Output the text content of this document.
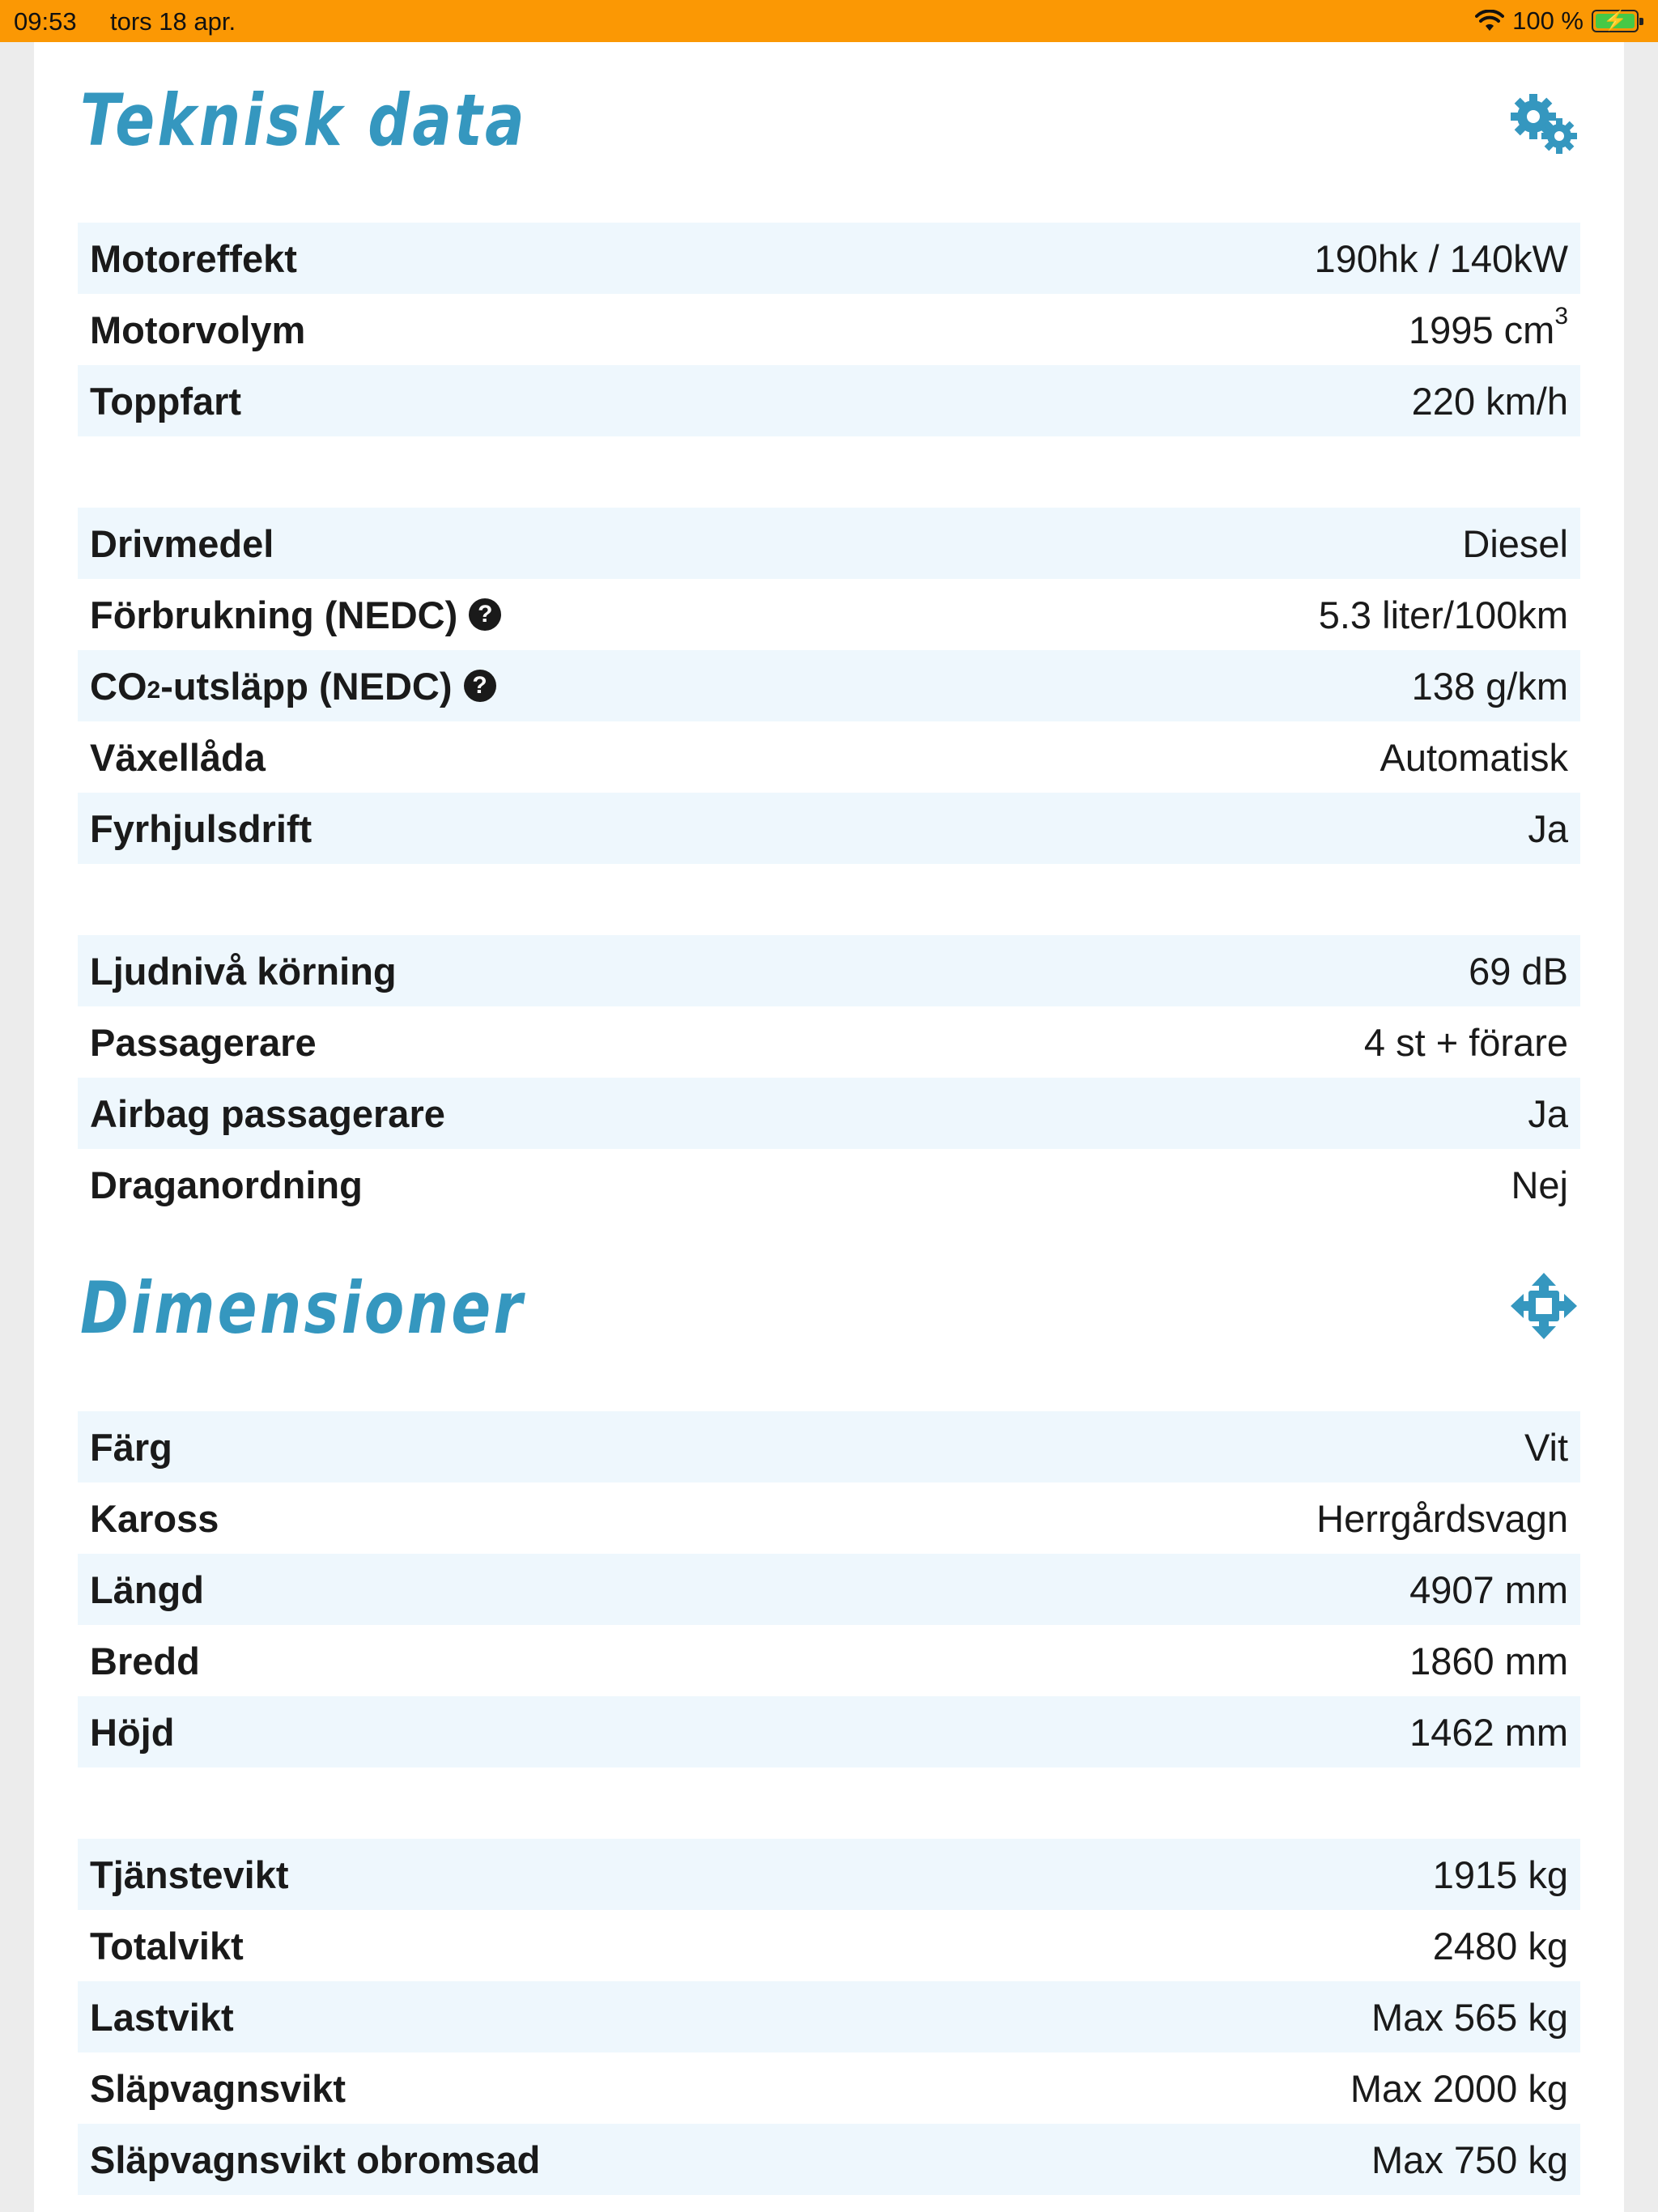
09:53 tors 18 apr.	100 %	⚡
Teknisk data
Motoreffekt	190hk / 140kW
Motorvolym	1995 $cm^3$
Toppfart	220 km/h
Drivmedel	Diesel
Förbrukning (NEDC) ?	5.3 liter/100km
$CO_2$ -utsläpp (NEDC) ?	138 g/km
Växellåda	Automatisk
Fyrhjulsdrift	Ja
Ljudnivå körning	69 dB
Passagerare	4 st + förare
Airbag passagerare	Ja
Draganordning	Nej
Dimensioner
Färg	Vit
Kaross	Herrgårdsvagn
Längd	4907 mm
Bredd	1860 mm
Höjd	1462 mm
Tjänstevikt	1915 kg
Totalvikt	2480 kg
Lastvikt	Max 565 kg
Släpvagnsvikt	Max 2000 kg
Släpvagnsvikt obromsad	Max 750 kg
